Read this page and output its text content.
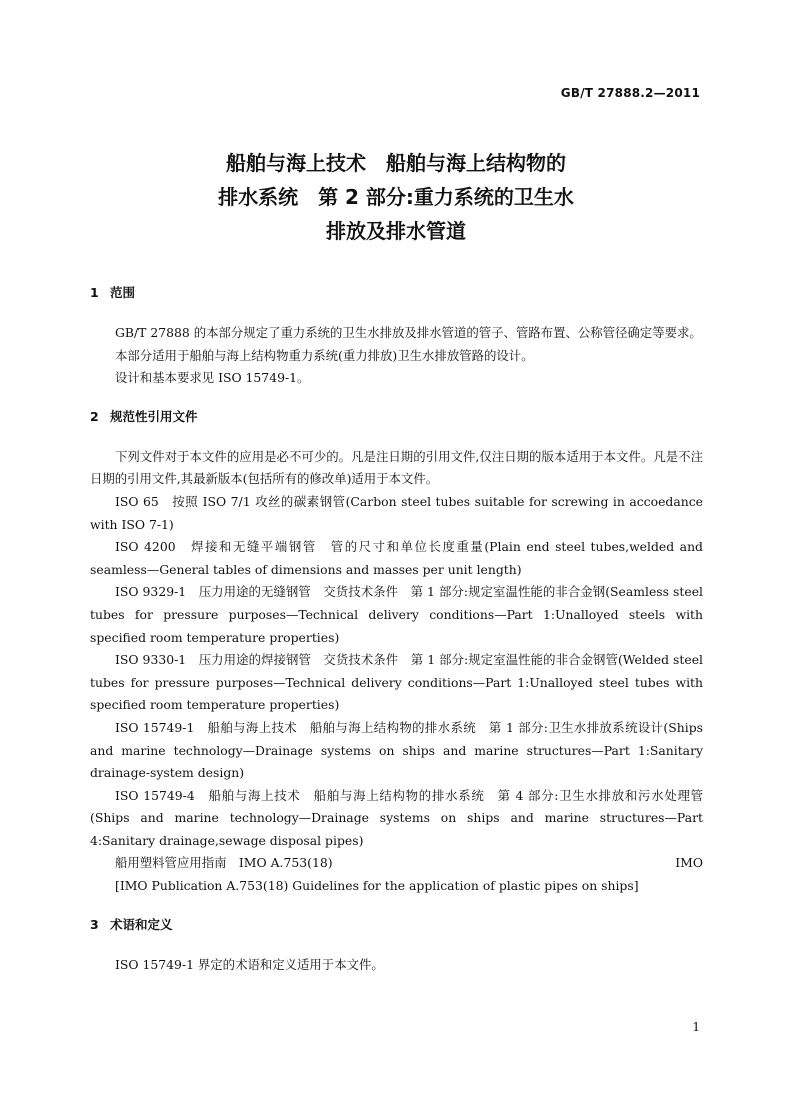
GB/T 27888.2—2011
船舶与海上技术　船舶与海上结构物的
排水系统　第 2 部分:重力系统的卫生水
排放及排水管道
1 范围

GB/T 27888 的本部分规定了重力系统的卫生水排放及排水管道的管子、管路布置、公称管径确定等要求。

本部分适用于船舶与海上结构物重力系统(重力排放)卫生水排放管路的设计。

设计和基本要求见 ISO 15749-1。

2 规范性引用文件

下列文件对于本文件的应用是必不可少的。凡是注日期的引用文件,仅注日期的版本适用于本文件。凡是不注日期的引用文件,其最新版本(包括所有的修改单)适用于本文件。

ISO 65　按照 ISO 7/1 攻丝的碳素钢管(Carbon steel tubes suitable for screwing in accoedance with ISO 7-1)

ISO 4200　焊接和无缝平端钢管　管的尺寸和单位长度重量(Plain end steel tubes,welded and seamless—General tables of dimensions and masses per unit length)

ISO 9329-1　压力用途的无缝钢管　交货技术条件　第 1 部分:规定室温性能的非合金钢(Seamless steel tubes for pressure purposes—Technical delivery conditions—Part 1:Unalloyed steels with specified room temperature properties)

ISO 9330-1　压力用途的焊接钢管　交货技术条件　第 1 部分:规定室温性能的非合金钢管(Welded steel tubes for pressure purposes—Technical delivery conditions—Part 1:Unalloyed steel tubes with specified room temperature properties)

ISO 15749-1　船舶与海上技术　船舶与海上结构物的排水系统　第 1 部分:卫生水排放系统设计(Ships and marine technology—Drainage systems on ships and marine structures—Part 1:Sanitary drainage-system design)

ISO 15749-4　船舶与海上技术　船舶与海上结构物的排水系统　第 4 部分:卫生水排放和污水处理管(Ships and marine technology—Drainage systems on ships and marine structures—Part 4:Sanitary drainage,sewage disposal pipes)

船用塑料管应用指南　IMO A.753(18)	IMO

[IMO Publication A.753(18) Guidelines for the application of plastic pipes on ships]

3 术语和定义

ISO 15749-1 界定的术语和定义适用于本文件。

1
